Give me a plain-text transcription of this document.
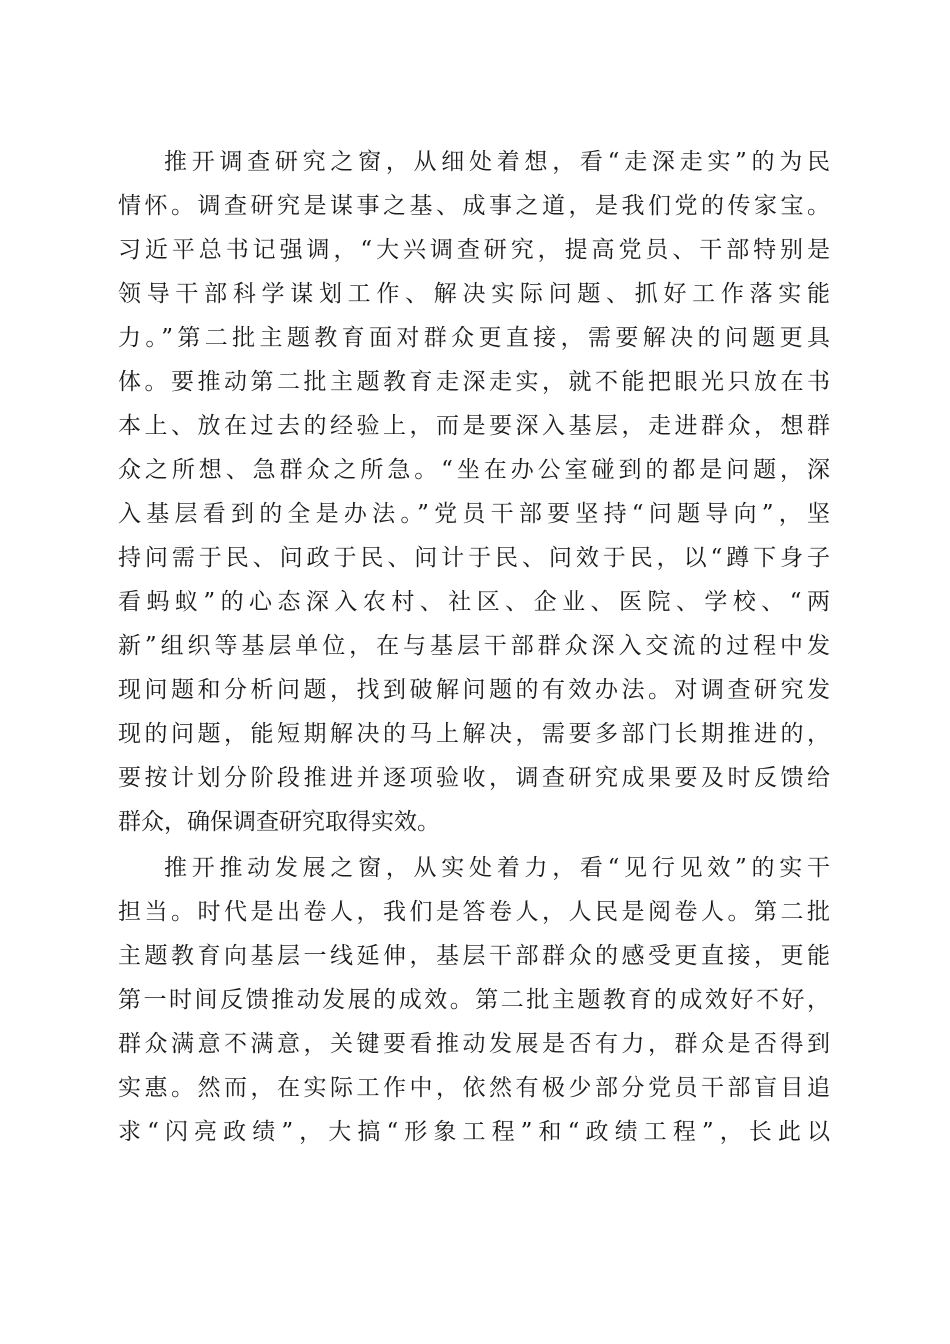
推开调查研究之窗，从细处着想，看“走深走实”的为民
情怀。调查研究是谋事之基、成事之道，是我们党的传家宝。
习近平总书记强调，“大兴调查研究，提高党员、干部特别是
领导干部科学谋划工作、解决实际问题、抓好工作落实能
力。”第二批主题教育面对群众更直接，需要解决的问题更具
体。要推动第二批主题教育走深走实，就不能把眼光只放在书
本上、放在过去的经验上，而是要深入基层，走进群众，想群
众之所想、急群众之所急。“坐在办公室碰到的都是问题，深
入基层看到的全是办法。”党员干部要坚持“问题导向”，坚
持问需于民、问政于民、问计于民、问效于民，以“蹲下身子
看蚂蚁”的心态深入农村、社区、企业、医院、学校、“两
新”组织等基层单位，在与基层干部群众深入交流的过程中发
现问题和分析问题，找到破解问题的有效办法。对调查研究发
现的问题，能短期解决的马上解决，需要多部门长期推进的，
要按计划分阶段推进并逐项验收，调查研究成果要及时反馈给
群众，确保调查研究取得实效。
推开推动发展之窗，从实处着力，看“见行见效”的实干
担当。时代是出卷人，我们是答卷人，人民是阅卷人。第二批
主题教育向基层一线延伸，基层干部群众的感受更直接，更能
第一时间反馈推动发展的成效。第二批主题教育的成效好不好，
群众满意不满意，关键要看推动发展是否有力，群众是否得到
实惠。然而，在实际工作中，依然有极少部分党员干部盲目追
求“闪亮政绩”，大搞“形象工程”和“政绩工程”，长此以
